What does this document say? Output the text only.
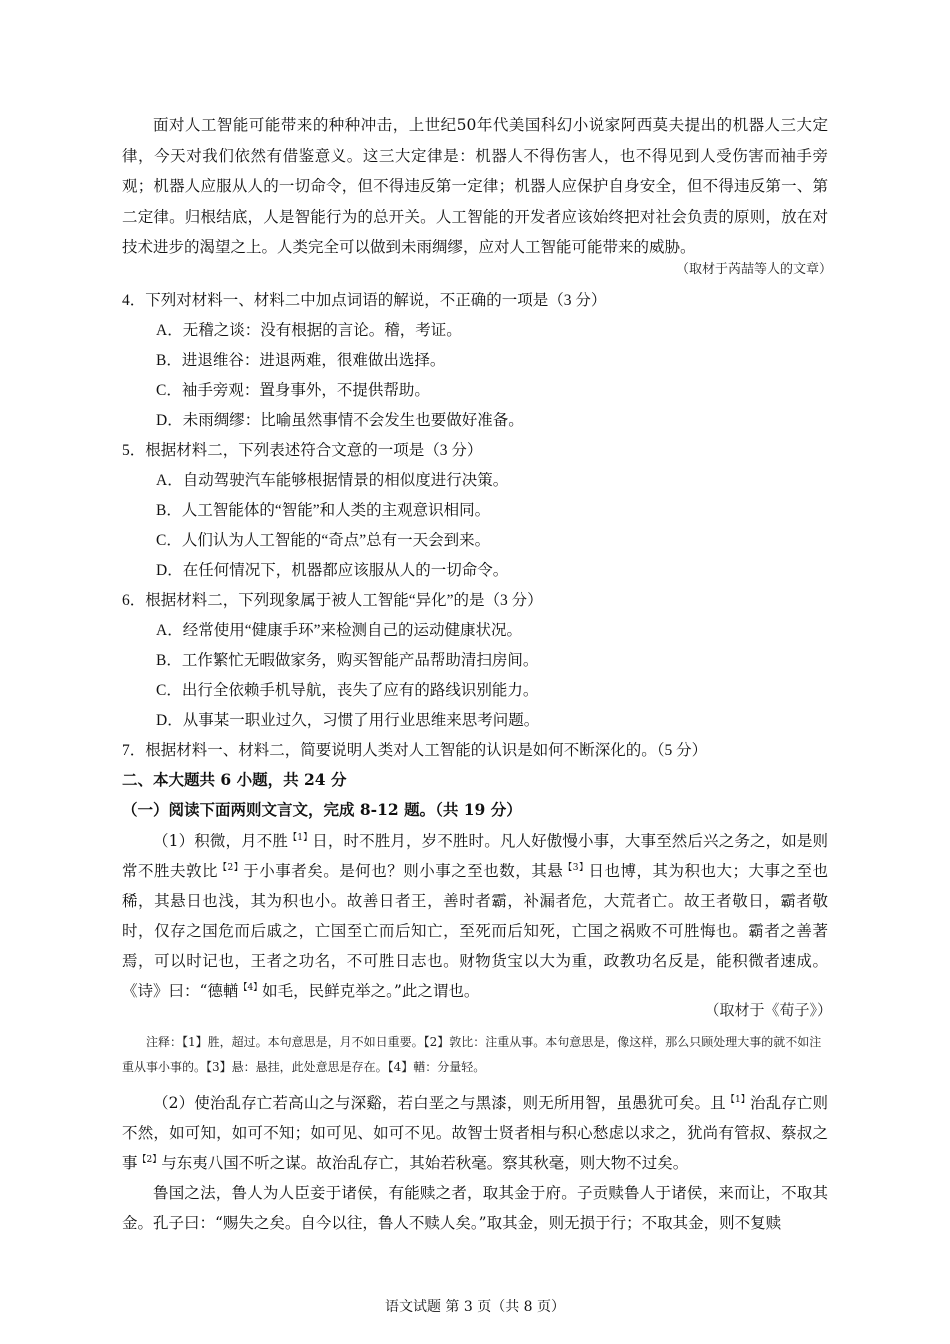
面对人工智能可能带来的种种冲击，上世纪50年代美国科幻小说家阿西莫夫提出的机器人三大定律，今天对我们依然有借鉴意义。这三大定律是：机器人不得伤害人，也不得见到人受伤害而袖手旁观；机器人应服从人的一切命令，但不得违反第一定律；机器人应保护自身安全，但不得违反第一、第二定律。归根结底，人是智能行为的总开关。人工智能的开发者应该始终把对社会负责的原则，放在对技术进步的渴望之上。人类完全可以做到未雨绸缪，应对人工智能可能带来的威胁。

（取材于芮喆等人的文章）

4．下列对材料一、材料二中加点词语的解说，不正确的一项是（3 分）

A．无稽之谈：没有根据的言论。稽，考证。

B．进退维谷：进退两难，很难做出选择。

C．袖手旁观：置身事外，不提供帮助。

D．未雨绸缪：比喻虽然事情不会发生也要做好准备。

5．根据材料二，下列表述符合文意的一项是（3 分）

A．自动驾驶汽车能够根据情景的相似度进行决策。

B．人工智能体的“智能”和人类的主观意识相同。

C．人们认为人工智能的“奇点”总有一天会到来。

D．在任何情况下，机器都应该服从人的一切命令。

6．根据材料二，下列现象属于被人工智能“异化”的是（3 分）

A．经常使用“健康手环”来检测自己的运动健康状况。

B．工作繁忙无暇做家务，购买智能产品帮助清扫房间。

C．出行全依赖手机导航，丧失了应有的路线识别能力。

D．从事某一职业过久，习惯了用行业思维来思考问题。

7．根据材料一、材料二，简要说明人类对人工智能的认识是如何不断深化的。（5 分）

二、本大题共 6 小题，共 24 分

（一）阅读下面两则文言文，完成 8-12 题。（共 19 分）

（1）积微，月不胜$^{【1】}$日，时不胜月，岁不胜时。凡人好傲慢小事，大事至然后兴之务之，如是则常不胜夫敦比$^{【2】}$于小事者矣。是何也？则小事之至也数，其悬$^{【3】}$日也博，其为积也大；大事之至也稀，其悬日也浅，其为积也小。故善日者王，善时者霸，补漏者危，大荒者亡。故王者敬日，霸者敬时，仅存之国危而后戚之，亡国至亡而后知亡，至死而后知死，亡国之祸败不可胜悔也。霸者之善著焉，可以时记也，王者之功名，不可胜日志也。财物货宝以大为重，政教功名反是，能积微者速成。《诗》曰：“德輶$^{【4】}$如毛，民鲜克举之。”此之谓也。

（取材于《荀子》）

注释：【1】胜，超过。本句意思是，月不如日重要。【2】敦比：注重从事。本句意思是，像这样，那么只顾处理大事的就不如注重从事小事的。【3】悬：悬挂，此处意思是存在。【4】輶：分量轻。

（2）使治乱存亡若高山之与深谿，若白垩之与黑漆，则无所用智，虽愚犹可矣。且$^{【1】}$治乱存亡则不然，如可知，如可不知；如可见、如可不见。故智士贤者相与积心愁虑以求之，犹尚有管叔、蔡叔之事$^{【2】}$与东夷八国不听之谋。故治乱存亡，其始若秋毫。察其秋毫，则大物不过矣。

鲁国之法，鲁人为人臣妾于诸侯，有能赎之者，取其金于府。子贡赎鲁人于诸侯，来而让，不取其金。孔子曰：“赐失之矣。自今以往，鲁人不赎人矣。”取其金，则无损于行；不取其金，则不复赎

语文试题 第 3 页（共 8 页）
